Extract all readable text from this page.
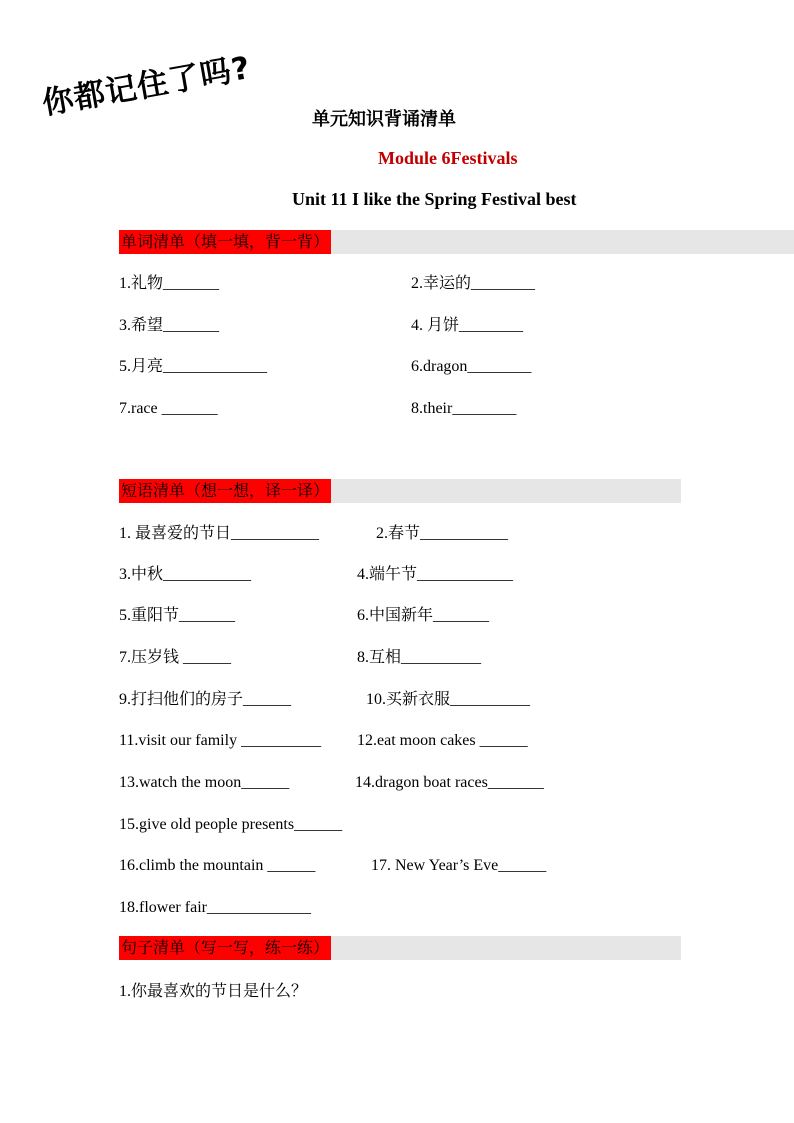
你都记住了吗?	单元知识背诵清单
Module 6Festivals
Unit 11 I like the Spring Festival best
单词清单（填一填，背一背）
1.礼物_______	2.幸运的________
3.希望_______	4. 月饼________
5.月亮_____________	6.dragon________
7.race _______	8.their________
短语清单（想一想，译一译）
1. 最喜爱的节日___________	2.春节___________
3.中秋___________	4.端午节____________
5.重阳节_______	6.中国新年_______
7.压岁钱 ______	8.互相__________
9.打扫他们的房子______	10.买新衣服__________
11.visit our family __________ 12.eat moon cakes ______
13.watch the moon______	14.dragon boat races_______
15.give old people presents______
16.climb the mountain ______	17. New Year’s Eve______
18.flower fair_____________
句子清单（写一写，练一练）
1.你最喜欢的节日是什么？
